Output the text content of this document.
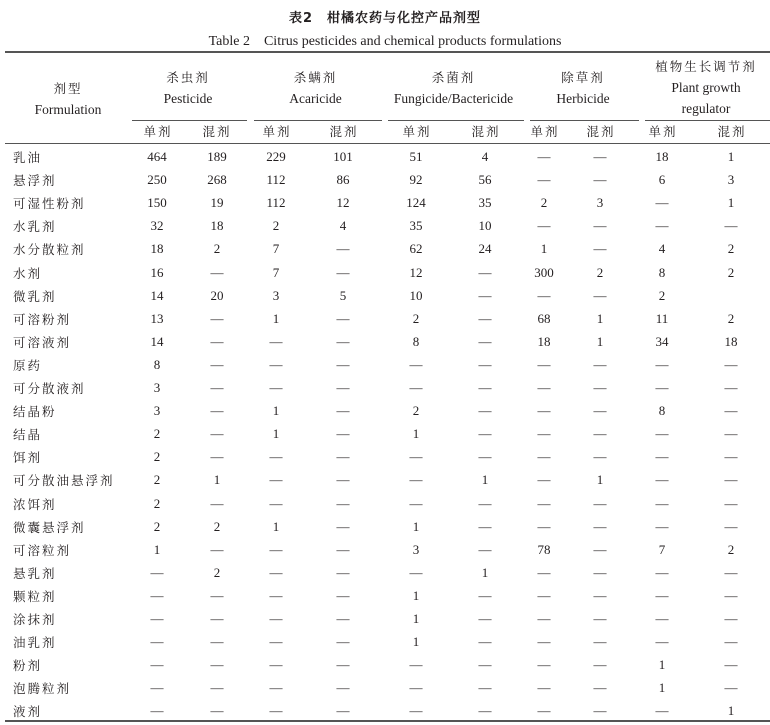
表2　柑橘农药与化控产品剂型
Table 2　Citrus pesticides and chemical products formulations
剂型
Formulation
杀虫剂
Pesticide
杀螨剂
Acaricide
杀菌剂
Fungicide/Bactericide
除草剂
Herbicide
植物生长调节剂
Plant growth
regulator
单剂 混剂 单剂	混剂	单剂	混剂 单剂 混剂	单剂	混剂
乳油	464	189	229	101	51	4	—	—	18	1
悬浮剂	250	268	112	86	92	56	—	—	6	3
可湿性粉剂	150	19	112	12	124	35	2	3	—	1
水乳剂	32	18	2	4	35	10	—	—	—	—
水分散粒剂	18	2	7	—	62	24	1	—	4	2
水剂	16	—	7	—	12	—	300	2	8	2
微乳剂	14	20	3	5	10	—	—	—	2
可溶粉剂	13	—	1	—	2	—	68	1	11	2
可溶液剂	14	—	—	—	8	—	18	1	34	18
原药	8	—	—	—	—	—	—	—	—	—
可分散液剂	3	—	—	—	—	—	—	—	—	—
结晶粉	3	—	1	—	2	—	—	—	8	—
结晶	2	—	1	—	1	—	—	—	—	—
饵剂	2	—	—	—	—	—	—	—	—	—
可分散油悬浮剂	2	1	—	—	—	1	—	1	—	—
浓饵剂	2	—	—	—	—	—	—	—	—	—
微囊悬浮剂	2	2	1	—	1	—	—	—	—	—
可溶粒剂	1	—	—	—	3	—	78	—	7	2
悬乳剂	—	2	—	—	—	1	—	—	—	—
颗粒剂	—	—	—	—	1	—	—	—	—	—
涂抹剂	—	—	—	—	1	—	—	—	—	—
油乳剂	—	—	—	—	1	—	—	—	—	—
粉剂	—	—	—	—	—	—	—	—	1	—
泡腾粒剂	—	—	—	—	—	—	—	—	1	—
液剂	—	—	—	—	—	—	—	—	—	1
